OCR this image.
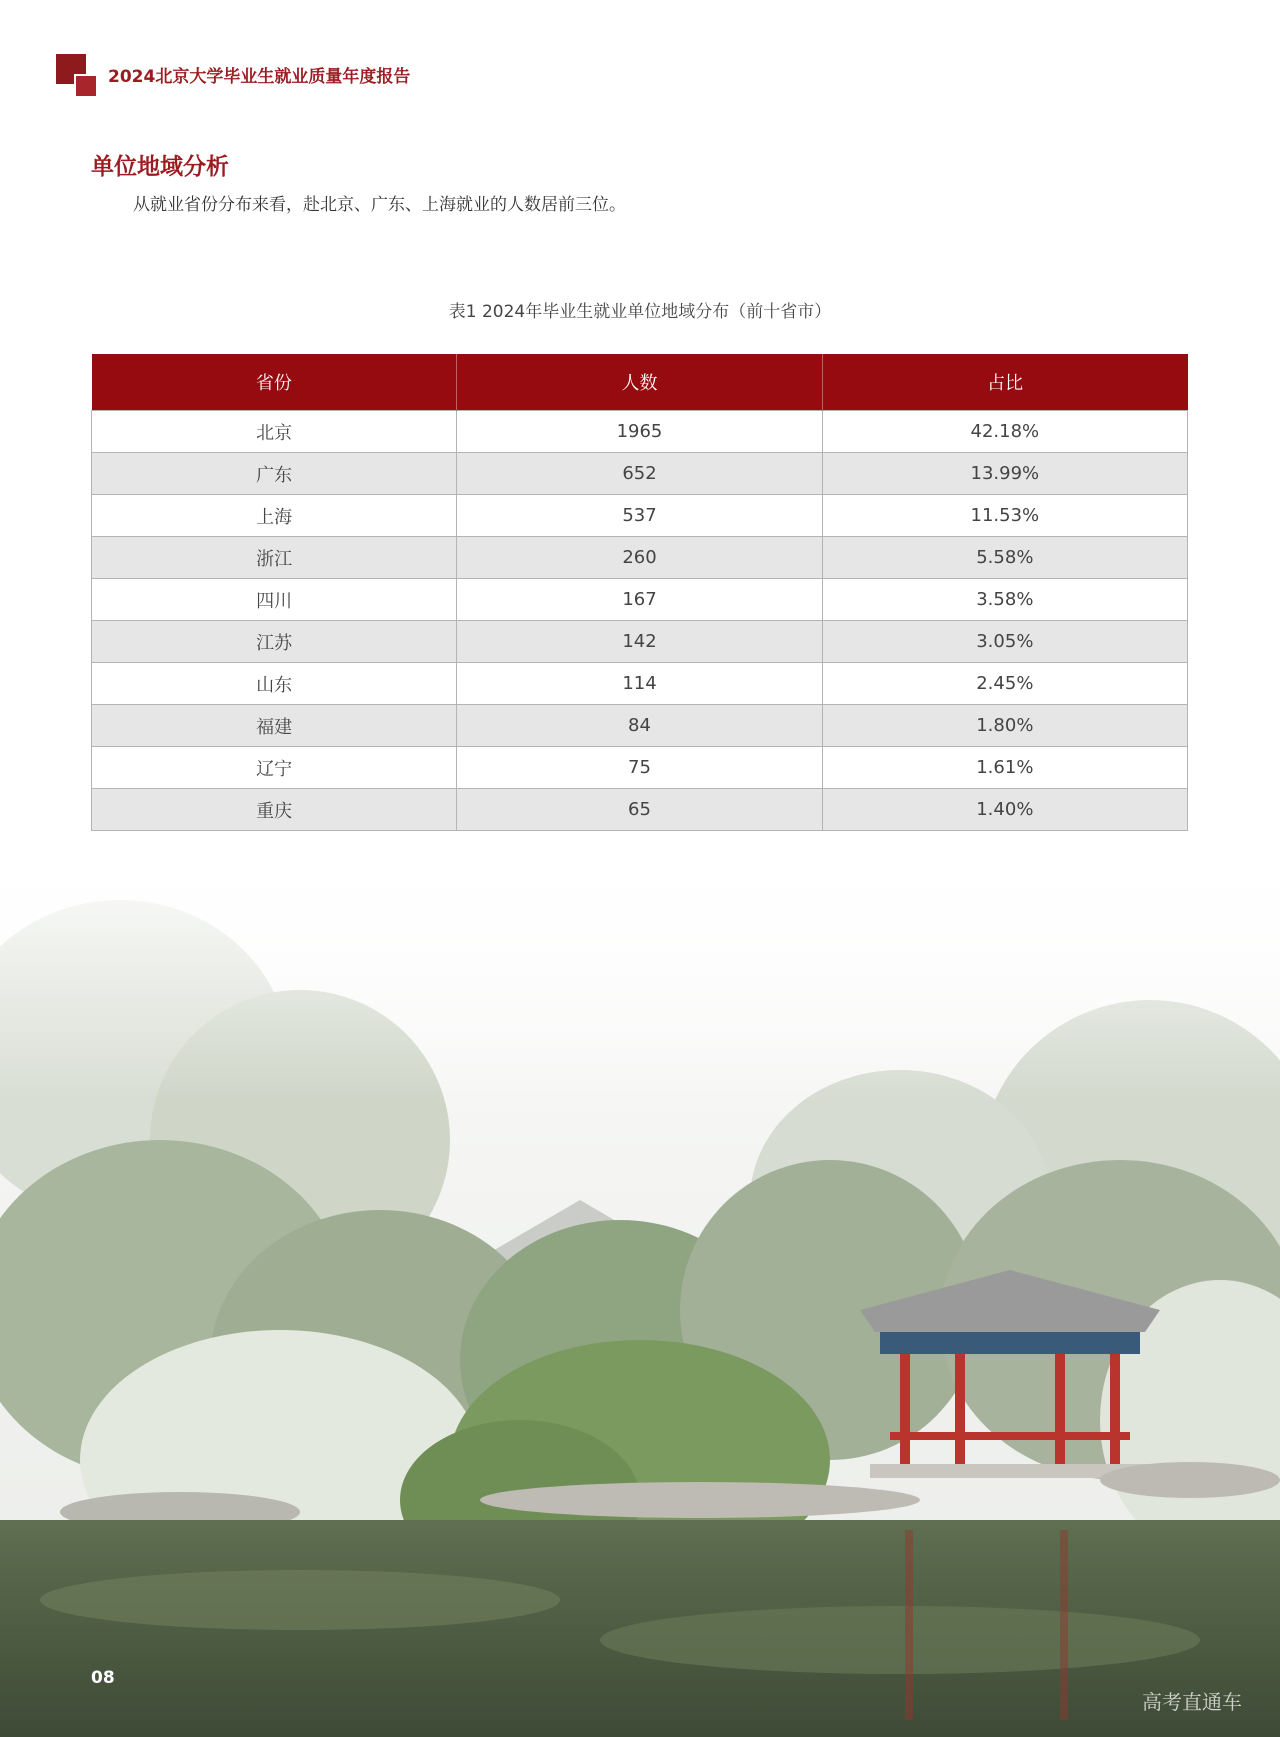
2024北京大学毕业生就业质量年度报告
单位地域分析
从就业省份分布来看，赴北京、广东、上海就业的人数居前三位。
表1 2024年毕业生就业单位地域分布（前十省市）
省份	人数	占比
北京	1965	42.18%
广东	652	13.99%
上海	537	11.53%
浙江	260	5.58%
四川	167	3.58%
江苏	142	3.05%
山东	114	2.45%
福建	84	1.80%
辽宁	75	1.61%
重庆	65	1.40%
08
高考直通车
